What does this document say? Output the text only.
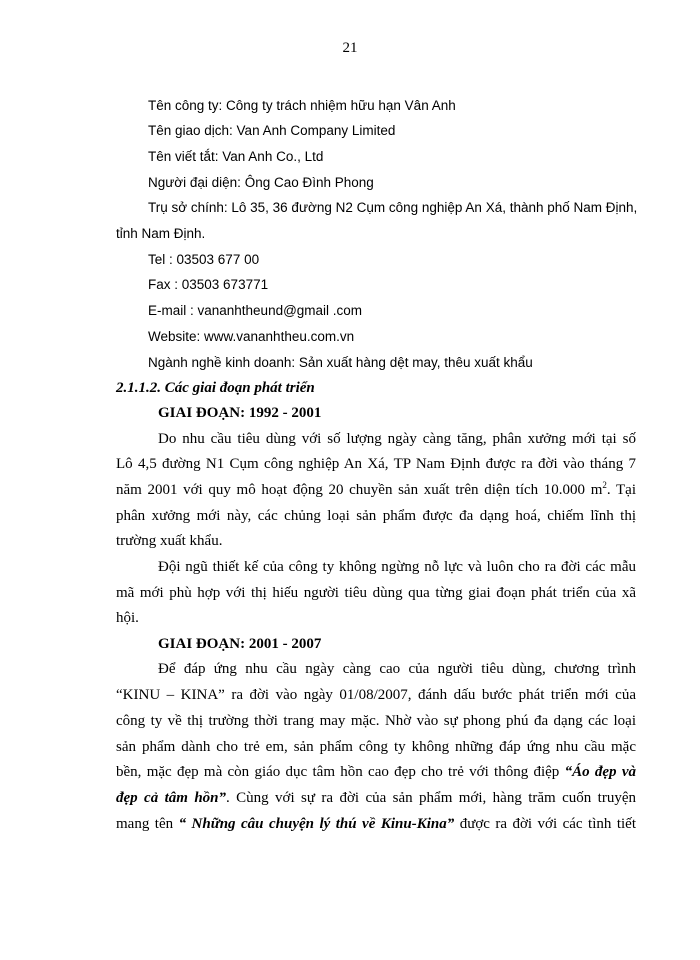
21
Tên công ty: Công ty trách nhiệm hữu hạn Vân Anh
Tên giao dịch: Van Anh Company Limited
Tên viết tắt: Van Anh Co., Ltd
Người đại diện: Ông Cao Đình Phong
Trụ sở chính: Lô 35, 36 đường N2 Cụm công nghiệp An Xá, thành phố Nam Định,
tỉnh Nam Định.
Tel : 03503 677 00
Fax : 03503 673771
E-mail : vananhtheund@gmail .com
Website: www.vananhtheu.com.vn
Ngành nghề kinh doanh: Sản xuất hàng dệt may, thêu xuất khẩu
2.1.1.2. Các giai đoạn phát triển
GIAI ĐOẠN: 1992 - 2001
Do nhu cầu tiêu dùng với số lượng ngày càng tăng, phân xưởng mới tại số
Lô 4,5 đường N1 Cụm công nghiệp An Xá, TP Nam Định được ra đời vào tháng 7
năm 2001 với quy mô hoạt động 20 chuyền sản xuất trên diện tích 10.000 $m^2$. Tại
phân xưởng mới này, các chủng loại sản phẩm được đa dạng hoá, chiếm lĩnh thị
trường xuất khẩu.
Đội ngũ thiết kế của công ty không ngừng nỗ lực và luôn cho ra đời các mẫu
mã mới phù hợp với thị hiếu người tiêu dùng qua từng giai đoạn phát triển của xã
hội.
GIAI ĐOẠN: 2001 - 2007
Để đáp ứng nhu cầu ngày càng cao của người tiêu dùng, chương trình
“KINU – KINA” ra đời vào ngày 01/08/2007, đánh dấu bước phát triển mới của
công ty về thị trường thời trang may mặc. Nhờ vào sự phong phú đa dạng các loại
sản phẩm dành cho trẻ em, sản phẩm công ty không những đáp ứng nhu cầu mặc
bền, mặc đẹp mà còn giáo dục tâm hồn cao đẹp cho trẻ với thông điệp “Áo đẹp và
đẹp cả tâm hồn”. Cùng với sự ra đời của sản phẩm mới, hàng trăm cuốn truyện
mang tên “ Những câu chuyện lý thú về Kinu-Kina” được ra đời với các tình tiết
